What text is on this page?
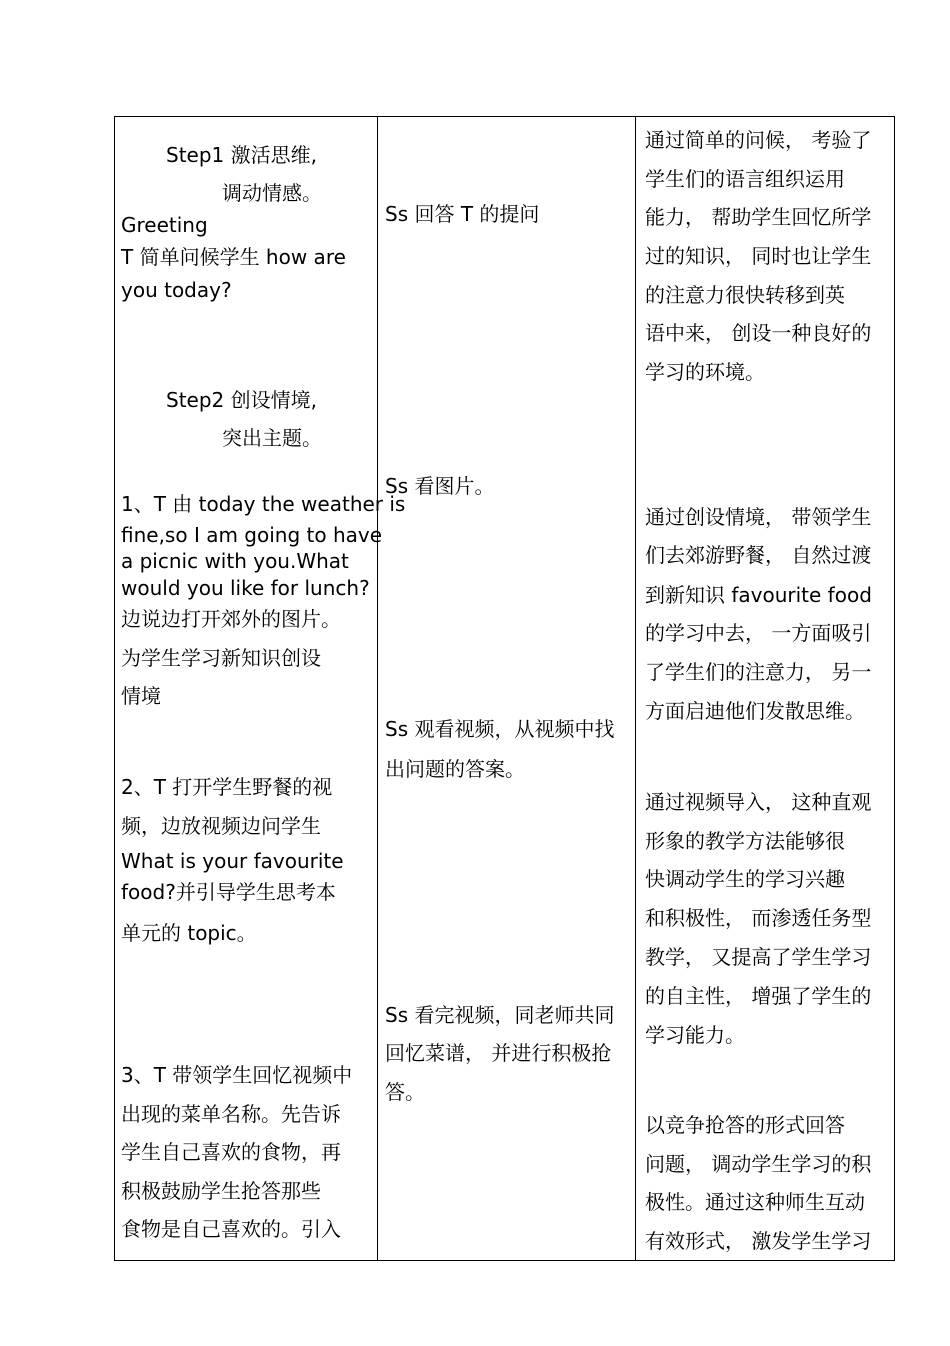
Step1 激活思维,
调动情感。
Greeting
T 简单问候学生 how are
you today?
Step2 创设情境,
突出主题。
1、T 由 today the weather is
fine,so I am going to have
a picnic with you.What
would you like for lunch?
边说边打开郊外的图片。
为学生学习新知识创设
情境
2、T 打开学生野餐的视
频，边放视频边问学生
What is your favourite
food?并引导学生思考本
单元的 topic。
3、T 带领学生回忆视频中
出现的菜单名称。先告诉
学生自己喜欢的食物，再
积极鼓励学生抢答那些
食物是自己喜欢的。引入
Ss 回答 T 的提问
Ss 看图片。
Ss 观看视频，从视频中找
出问题的答案。
Ss 看完视频，同老师共同
回忆菜谱， 并进行积极抢
答。
通过简单的问候， 考验了
学生们的语言组织运用
能力， 帮助学生回忆所学
过的知识， 同时也让学生
的注意力很快转移到英
语中来， 创设一种良好的
学习的环境。
通过创设情境， 带领学生
们去郊游野餐， 自然过渡
到新知识 favourite food
的学习中去， 一方面吸引
了学生们的注意力， 另一
方面启迪他们发散思维。
通过视频导入， 这种直观
形象的教学方法能够很
快调动学生的学习兴趣
和积极性， 而渗透任务型
教学， 又提高了学生学习
的自主性， 增强了学生的
学习能力。
以竞争抢答的形式回答
问题， 调动学生学习的积
极性。通过这种师生互动
有效形式， 激发学生学习
